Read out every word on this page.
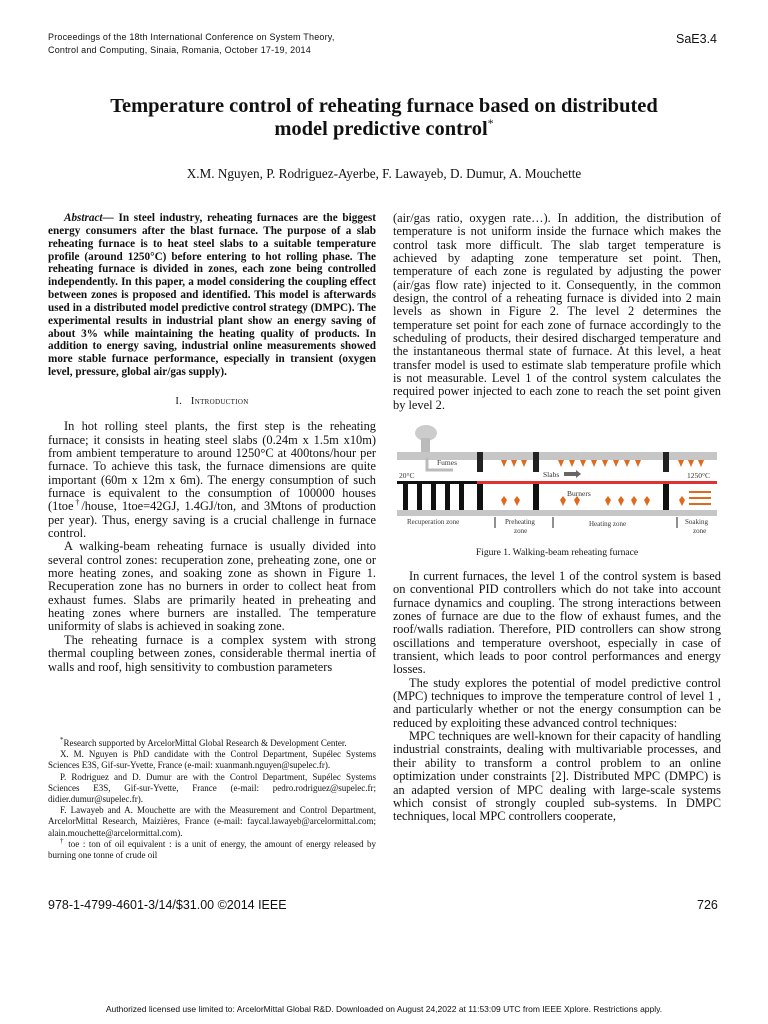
Proceedings of the 18th International Conference on System Theory,
Control and Computing, Sinaia, Romania, October 17-19, 2014
SaE3.4
Temperature control of reheating furnace based on distributed
model predictive control*
X.M. Nguyen, P. Rodriguez-Ayerbe, F. Lawayeb, D. Dumur, A. Mouchette

Abstract— In steel industry, reheating furnaces are the biggest energy consumers after the blast furnace. The purpose of a slab reheating furnace is to heat steel slabs to a suitable temperature profile (around 1250°C) before entering to hot rolling phase. The reheating furnace is divided in zones, each zone being controlled independently. In this paper, a model considering the coupling effect between zones is proposed and identified. This model is afterwards used in a distributed model predictive control strategy (DMPC). The experimental results in industrial plant show an energy saving of about 3% while maintaining the heating quality of products. In addition to energy saving, industrial online measurements showed more stable furnace performance, especially in transient (oxygen level, pressure, global air/gas supply).

I. Introduction

In hot rolling steel plants, the first step is the reheating furnace; it consists in heating steel slabs (0.24m x 1.5m x10m) from ambient temperature to around 1250°C at 400tons/hour per furnace. To achieve this task, the furnace dimensions are quite important (60m x 12m x 6m). The energy consumption of such furnace is equivalent to the consumption of 100000 houses (1toe†/house, 1toe=42GJ, 1.4GJ/ton, and 3Mtons of production per year). Thus, energy saving is a crucial challenge in furnace control.

A walking-beam reheating furnace is usually divided into several control zones: recuperation zone, preheating zone, one or more heating zones, and soaking zone as shown in Figure 1. Recuperation zone has no burners in order to collect heat from exhaust fumes. Slabs are primarily heated in preheating and heating zones where burners are installed. The temperature uniformity of slabs is achieved in soaking zone.

The reheating furnace is a complex system with strong thermal coupling between zones, considerable thermal inertia of walls and roof, high sensitivity to combustion parameters

*Research supported by ArcelorMittal Global Research & Development Center.

X. M. Nguyen is PhD candidate with the Control Department, Supélec Systems Sciences E3S, Gif-sur-Yvette, France (e-mail: xuanmanh.nguyen@supelec.fr).

P. Rodriguez and D. Dumur are with the Control Department, Supélec Systems Sciences E3S, Gif-sur-Yvette, France (e-mail: pedro.rodriguez@supelec.fr; didier.dumur@supelec.fr).

F. Lawayeb and A. Mouchette are with the Measurement and Control Department, ArcelorMittal Research, Maizières, France (e-mail: faycal.lawayeb@arcelormittal.com; alain.mouchette@arcelormittal.com).

† toe : ton of oil equivalent : is a unit of energy, the amount of energy released by burning one tonne of crude oil

(air/gas ratio, oxygen rate…). In addition, the distribution of temperature is not uniform inside the furnace which makes the control task more difficult. The slab target temperature is achieved by adapting zone temperature set point. Then, temperature of each zone is regulated by adjusting the power (air/gas flow rate) injected to it. Consequently, in the common design, the control of a reheating furnace is divided into 2 main levels as shown in Figure 2. The level 2 determines the temperature set point for each zone of furnace accordingly to the scheduling of products, their desired discharged temperature and the instantaneous thermal state of furnace. At this level, a heat transfer model is used to estimate slab temperature profile which is not measurable. Level 1 of the control system calculates the required power injected to each zone to reach the set point given by level 2.

Fumes
Slabs
20°C	1250°C
Burners
Recuperation zone	Preheating
zone
Heating zone	Soaking
zone
Figure 1. Walking-beam reheating furnace

In current furnaces, the level 1 of the control system is based on conventional PID controllers which do not take into account furnace dynamics and coupling. The strong interactions between zones of furnace are due to the flow of exhaust fumes, and the roof/walls radiation. Therefore, PID controllers can show strong oscillations and temperature overshoot, especially in case of transient, which leads to poor control performances and energy losses.

The study explores the potential of model predictive control (MPC) techniques to improve the temperature control of level 1 , and particularly whether or not the energy consumption can be reduced by exploiting these advanced control techniques:

MPC techniques are well-known for their capacity of handling industrial constraints, dealing with multivariable processes, and their ability to transform a control problem to an online optimization under constraints [2]. Distributed MPC (DMPC) is an adapted version of MPC dealing with large-scale systems which consist of strongly coupled sub-systems. In DMPC techniques, local MPC controllers cooperate,

978-1-4799-4601-3/14/$31.00 ©2014 IEEE	726
Authorized licensed use limited to: ArcelorMittal Global R&D. Downloaded on August 24,2022 at 11:53:09 UTC from IEEE Xplore. Restrictions apply.
